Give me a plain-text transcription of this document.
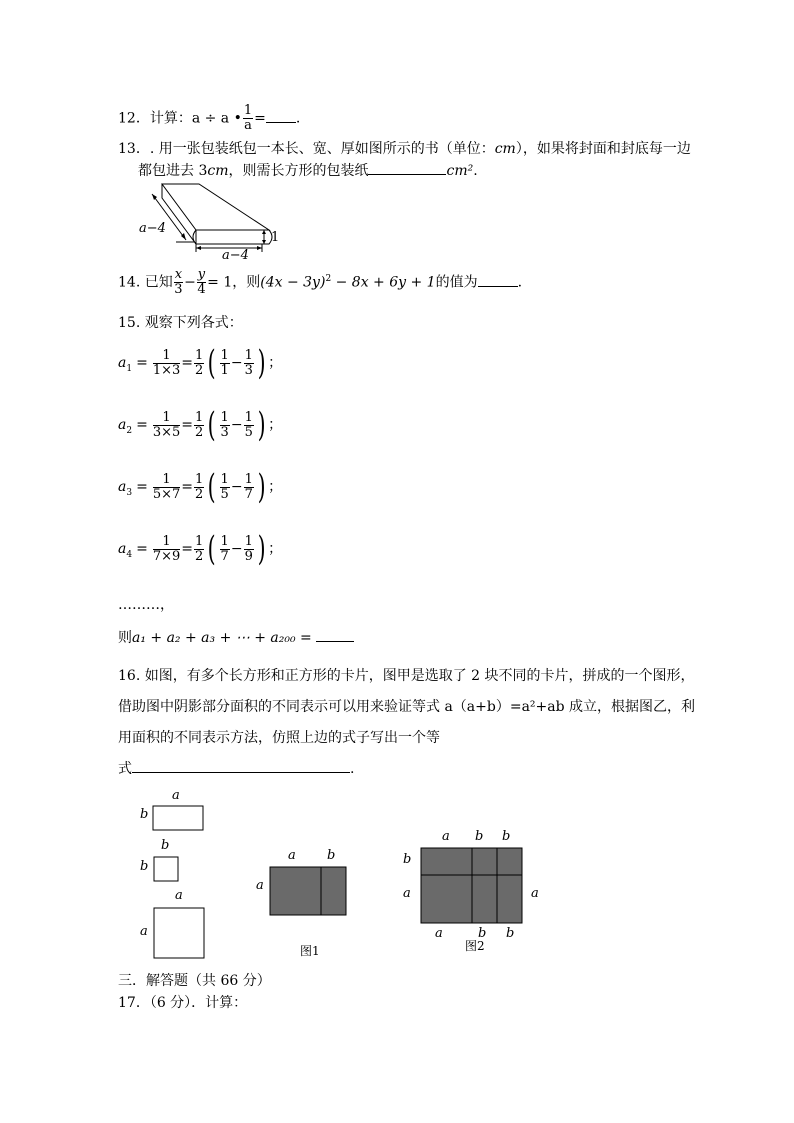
12．计算：a ÷ a • $\frac{1}{a}$ = .
13．. 用一张包装纸包一本长、宽、厚如图所示的书（单位：cm），如果将封面和封底每一边
都包进去 3cm，则需长方形的包装纸	cm².
a−4
a−4
1
14. 已知 $\frac{x}{3} - \frac{y}{4} = 1$，则$(4x - 3y)^2 - 8x + 6y + 1$的值为	.
15. 观察下列各式：
$a_1 = \frac{1}{1\times 3} = \frac{1}{2}$ ( $\frac{1}{1} - \frac{1}{3}$ ) ；
$a_2 = \frac{1}{3\times 5} = \frac{1}{2}$ ( $\frac{1}{3} - \frac{1}{5}$ ) ；
$a_3 = \frac{1}{5\times 7} = \frac{1}{2}$ ( $\frac{1}{5} - \frac{1}{7}$ ) ；
$a_4 = \frac{1}{7\times 9} = \frac{1}{2}$ ( $\frac{1}{7} - \frac{1}{9}$ ) ；
………，
则a₁ + a₂ + a₃ + ⋯ + a₂₀₀ =
16. 如图，有多个长方形和正方形的卡片，图甲是选取了 2 块不同的卡片，拼成的一个图形，
借助图中阴影部分面积的不同表示可以用来验证等式 a（a+b）=a²+ab 成立，根据图乙，利
用面积的不同表示方法，仿照上边的式子写出一个等
式	.
a
b
b
b
a
a
a b
a
图1
a b b
b
a	a
a	b b
图2
三．解答题（共 66 分）
17．（6 分）．计算：
